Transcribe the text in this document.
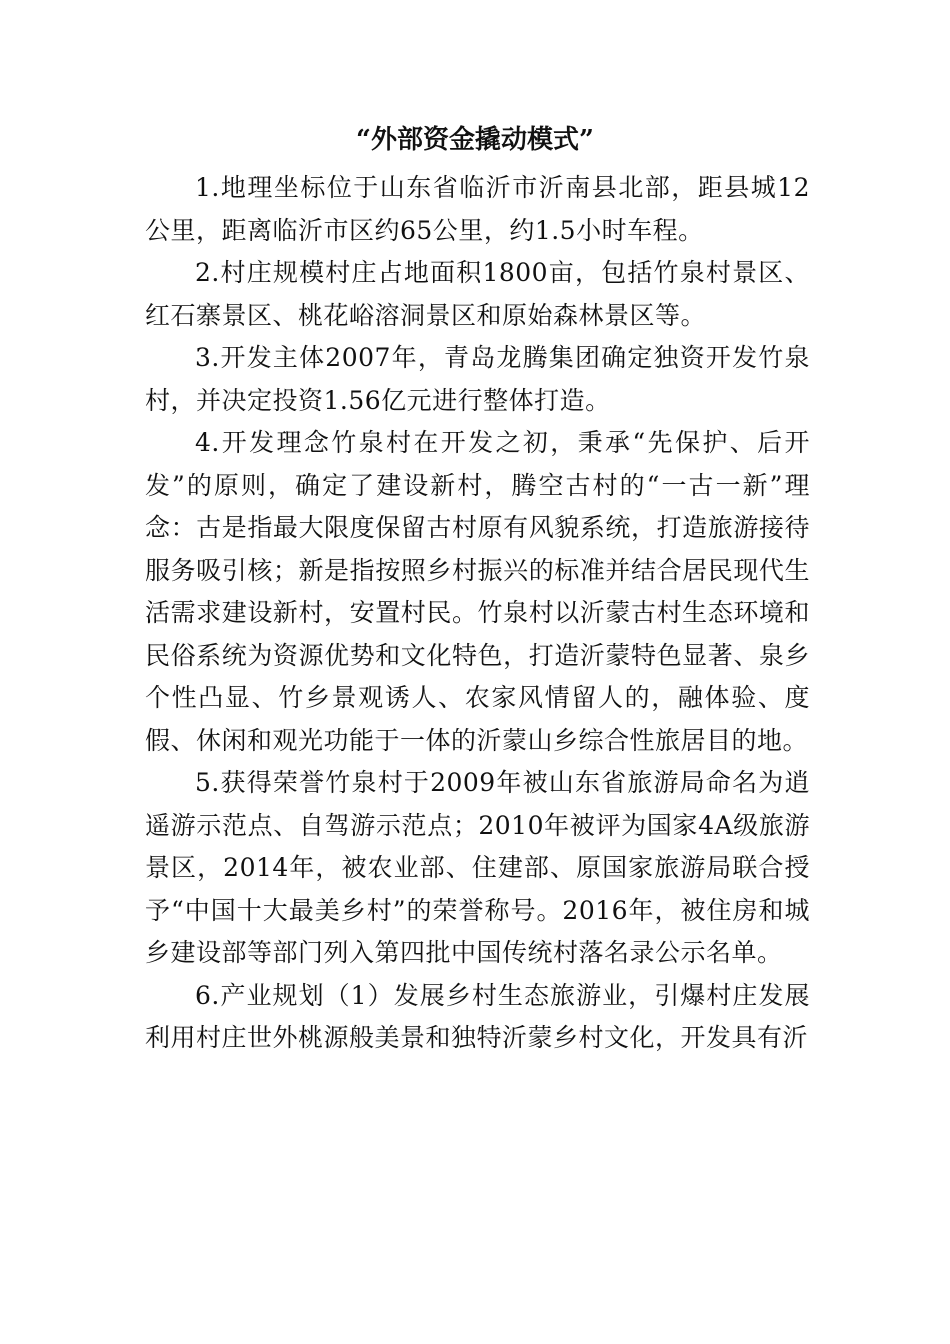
“外部资金撬动模式”

1.地理坐标位于山东省临沂市沂南县北部，距县城12公里，距离临沂市区约65公里，约1.5小时车程。

2.村庄规模村庄占地面积1800亩，包括竹泉村景区、红石寨景区、桃花峪溶洞景区和原始森林景区等。

3.开发主体2007年，青岛龙腾集团确定独资开发竹泉村，并决定投资1.56亿元进行整体打造。

4.开发理念竹泉村在开发之初，秉承“先保护、后开发”的原则，确定了建设新村，腾空古村的“一古一新”理念：古是指最大限度保留古村原有风貌系统，打造旅游接待服务吸引核；新是指按照乡村振兴的标准并结合居民现代生活需求建设新村，安置村民。竹泉村以沂蒙古村生态环境和民俗系统为资源优势和文化特色，打造沂蒙特色显著、泉乡个性凸显、竹乡景观诱人、农家风情留人的，融体验、度假、休闲和观光功能于一体的沂蒙山乡综合性旅居目的地。

5.获得荣誉竹泉村于2009年被山东省旅游局命名为逍遥游示范点、自驾游示范点；2010年被评为国家4A级旅游景区，2014年，被农业部、住建部、原国家旅游局联合授予“中国十大最美乡村”的荣誉称号。2016年，被住房和城乡建设部等部门列入第四批中国传统村落名录公示名单。

6.产业规划（1）发展乡村生态旅游业，引爆村庄发展利用村庄世外桃源般美景和独特沂蒙乡村文化，开发具有沂
